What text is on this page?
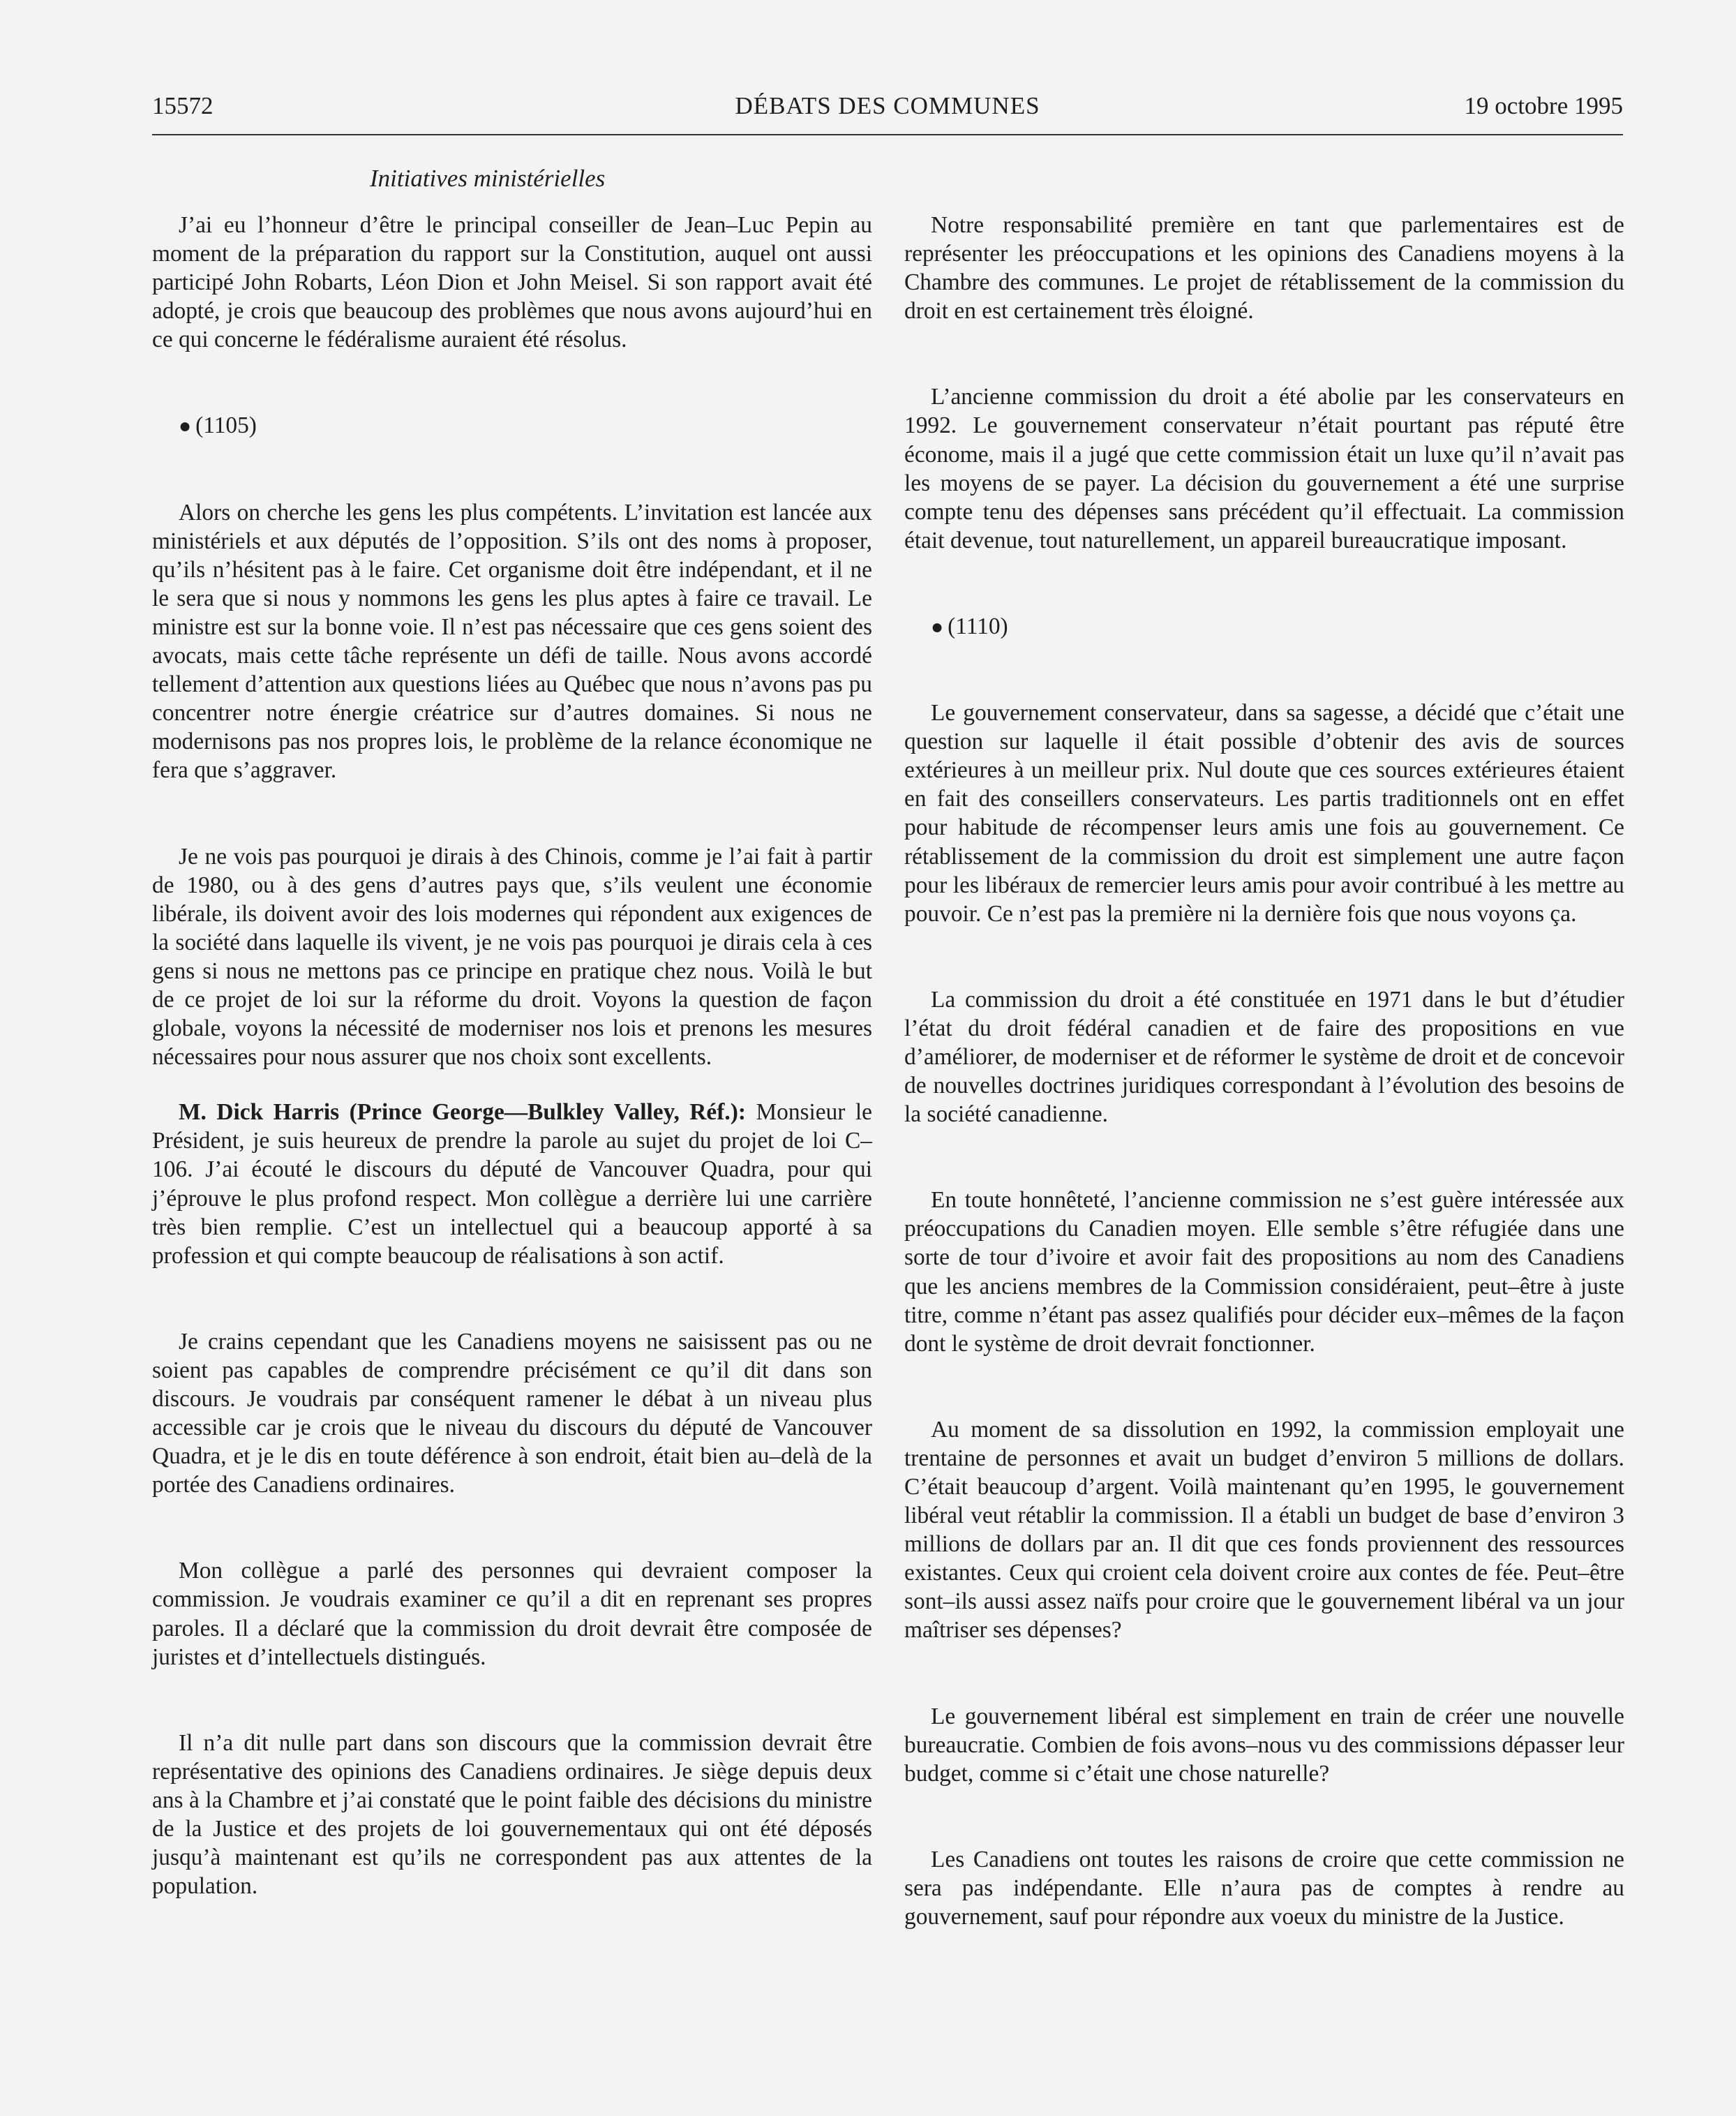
15572	DÉBATS DES COMMUNES	19 octobre 1995
Initiatives ministérielles

J’ai eu l’honneur d’être le principal conseiller de Jean–Luc Pepin au moment de la préparation du rapport sur la Constitution, auquel ont aussi participé John Robarts, Léon Dion et John Meisel. Si son rapport avait été adopté, je crois que beaucoup des problèmes que nous avons aujourd’hui en ce qui concerne le fédéralisme auraient été résolus.

● (1105)

Alors on cherche les gens les plus compétents. L’invitation est lancée aux ministériels et aux députés de l’opposition. S’ils ont des noms à proposer, qu’ils n’hésitent pas à le faire. Cet organisme doit être indépendant, et il ne le sera que si nous y nommons les gens les plus aptes à faire ce travail. Le ministre est sur la bonne voie. Il n’est pas nécessaire que ces gens soient des avocats, mais cette tâche représente un défi de taille. Nous avons accordé tellement d’attention aux questions liées au Québec que nous n’avons pas pu concentrer notre énergie créatrice sur d’autres domaines. Si nous ne modernisons pas nos propres lois, le problème de la relance économique ne fera que s’aggraver.

Je ne vois pas pourquoi je dirais à des Chinois, comme je l’ai fait à partir de 1980, ou à des gens d’autres pays que, s’ils veulent une économie libérale, ils doivent avoir des lois modernes qui répondent aux exigences de la société dans laquelle ils vivent, je ne vois pas pourquoi je dirais cela à ces gens si nous ne mettons pas ce principe en pratique chez nous. Voilà le but de ce projet de loi sur la réforme du droit. Voyons la question de façon globale, voyons la nécessité de moderniser nos lois et prenons les mesures nécessaires pour nous assurer que nos choix sont excellents.

M. Dick Harris (Prince George—Bulkley Valley, Réf.): Monsieur le Président, je suis heureux de prendre la parole au sujet du projet de loi C–106. J’ai écouté le discours du député de Vancouver Quadra, pour qui j’éprouve le plus profond respect. Mon collègue a derrière lui une carrière très bien remplie. C’est un intellectuel qui a beaucoup apporté à sa profession et qui compte beaucoup de réalisations à son actif.

Je crains cependant que les Canadiens moyens ne saisissent pas ou ne soient pas capables de comprendre précisément ce qu’il dit dans son discours. Je voudrais par conséquent ramener le débat à un niveau plus accessible car je crois que le niveau du discours du député de Vancouver Quadra, et je le dis en toute déférence à son endroit, était bien au–delà de la portée des Canadiens ordinaires.

Mon collègue a parlé des personnes qui devraient composer la commission. Je voudrais examiner ce qu’il a dit en reprenant ses propres paroles. Il a déclaré que la commission du droit devrait être composée de juristes et d’intellectuels distingués.

Il n’a dit nulle part dans son discours que la commission devrait être représentative des opinions des Canadiens ordinaires. Je siège depuis deux ans à la Chambre et j’ai constaté que le point faible des décisions du ministre de la Justice et des projets de loi gouvernementaux qui ont été déposés jusqu’à maintenant est qu’ils ne correspondent pas aux attentes de la population.

Notre responsabilité première en tant que parlementaires est de représenter les préoccupations et les opinions des Canadiens moyens à la Chambre des communes. Le projet de rétablissement de la commission du droit en est certainement très éloigné.

L’ancienne commission du droit a été abolie par les conservateurs en 1992. Le gouvernement conservateur n’était pourtant pas réputé être économe, mais il a jugé que cette commission était un luxe qu’il n’avait pas les moyens de se payer. La décision du gouvernement a été une surprise compte tenu des dépenses sans précédent qu’il effectuait. La commission était devenue, tout naturellement, un appareil bureaucratique imposant.

● (1110)

Le gouvernement conservateur, dans sa sagesse, a décidé que c’était une question sur laquelle il était possible d’obtenir des avis de sources extérieures à un meilleur prix. Nul doute que ces sources extérieures étaient en fait des conseillers conservateurs. Les partis traditionnels ont en effet pour habitude de récompenser leurs amis une fois au gouvernement. Ce rétablissement de la commission du droit est simplement une autre façon pour les libéraux de remercier leurs amis pour avoir contribué à les mettre au pouvoir. Ce n’est pas la première ni la dernière fois que nous voyons ça.

La commission du droit a été constituée en 1971 dans le but d’étudier l’état du droit fédéral canadien et de faire des propositions en vue d’améliorer, de moderniser et de réformer le système de droit et de concevoir de nouvelles doctrines juridiques correspondant à l’évolution des besoins de la société canadienne.

En toute honnêteté, l’ancienne commission ne s’est guère intéressée aux préoccupations du Canadien moyen. Elle semble s’être réfugiée dans une sorte de tour d’ivoire et avoir fait des propositions au nom des Canadiens que les anciens membres de la Commission considéraient, peut–être à juste titre, comme n’étant pas assez qualifiés pour décider eux–mêmes de la façon dont le système de droit devrait fonctionner.

Au moment de sa dissolution en 1992, la commission employait une trentaine de personnes et avait un budget d’environ 5 millions de dollars. C’était beaucoup d’argent. Voilà maintenant qu’en 1995, le gouvernement libéral veut rétablir la commission. Il a établi un budget de base d’environ 3 millions de dollars par an. Il dit que ces fonds proviennent des ressources existantes. Ceux qui croient cela doivent croire aux contes de fée. Peut–être sont–ils aussi assez naïfs pour croire que le gouvernement libéral va un jour maîtriser ses dépenses?

Le gouvernement libéral est simplement en train de créer une nouvelle bureaucratie. Combien de fois avons–nous vu des commissions dépasser leur budget, comme si c’était une chose naturelle?

Les Canadiens ont toutes les raisons de croire que cette commission ne sera pas indépendante. Elle n’aura pas de comptes à rendre au gouvernement, sauf pour répondre aux voeux du ministre de la Justice.
